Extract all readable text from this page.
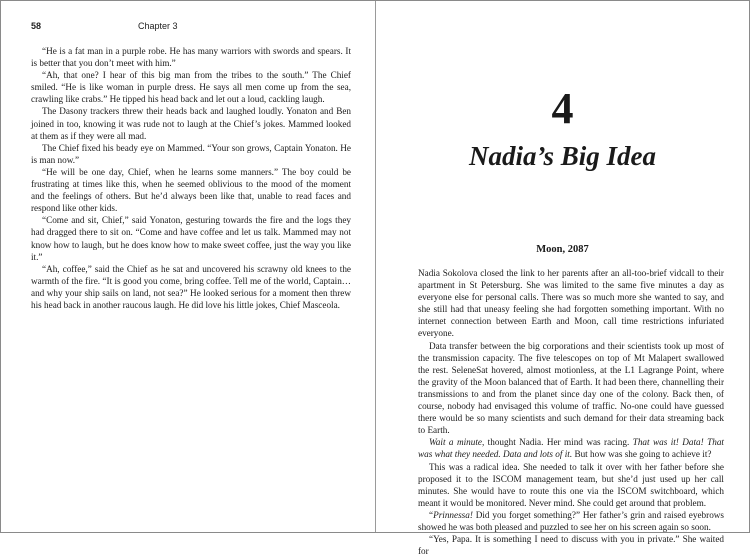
58	Chapter 3

“He is a fat man in a purple robe. He has many warriors with swords and spears. It is better that you don’t meet with him.”

“Ah, that one? I hear of this big man from the tribes to the south.” The Chief smiled. “He is like woman in purple dress. He says all men come up from the sea, crawling like crabs.” He tipped his head back and let out a loud, cackling laugh.

The Dasony trackers threw their heads back and laughed loudly. Yonaton and Ben joined in too, knowing it was rude not to laugh at the Chief’s jokes. Mammed looked at them as if they were all mad.

The Chief fixed his beady eye on Mammed. “Your son grows, Captain Yonaton. He is man now.”

“He will be one day, Chief, when he learns some manners.” The boy could be frustrating at times like this, when he seemed oblivious to the mood of the moment and the feelings of others. But he’d always been like that, unable to read faces and respond like other kids.

“Come and sit, Chief,” said Yonaton, gesturing towards the fire and the logs they had dragged there to sit on. “Come and have coffee and let us talk. Mammed may not know how to laugh, but he does know how to make sweet coffee, just the way you like it.”

“Ah, coffee,” said the Chief as he sat and uncovered his scrawny old knees to the warmth of the fire. “It is good you come, bring coffee. Tell me of the world, Captain… and why your ship sails on land, not sea?” He looked serious for a moment then threw his head back in another raucous laugh. He did love his little jokes, Chief Masceola.

4
Nadia’s Big Idea

Moon, 2087

Nadia Sokolova closed the link to her parents after an all-too-brief vidcall to their apartment in St Petersburg. She was limited to the same five minutes a day as everyone else for personal calls. There was so much more she wanted to say, and she still had that uneasy feeling she had forgotten something important. With no internet connection between Earth and Moon, call time restrictions infuriated everyone.

Data transfer between the big corporations and their scientists took up most of the transmission capacity. The five telescopes on top of Mt Malapert swallowed the rest. SeleneSat hovered, almost motionless, at the L1 Lagrange Point, where the gravity of the Moon balanced that of Earth. It had been there, channelling their transmissions to and from the planet since day one of the colony. Back then, of course, nobody had envisaged this volume of traffic. No-one could have guessed there would be so many scientists and such demand for their data streaming back to Earth.

Wait a minute, thought Nadia. Her mind was racing. That was it! Data! That was what they needed. Data and lots of it. But how was she going to achieve it?

This was a radical idea. She needed to talk it over with her father before she proposed it to the ISCOM management team, but she’d just used up her call minutes. She would have to route this one via the ISCOM switchboard, which meant it would be monitored. Never mind. She could get around that problem.

“Prinnessa! Did you forget something?” Her father’s grin and raised eyebrows showed he was both pleased and puzzled to see her on his screen again so soon.

“Yes, Papa. It is something I need to discuss with you in private.” She waited for
